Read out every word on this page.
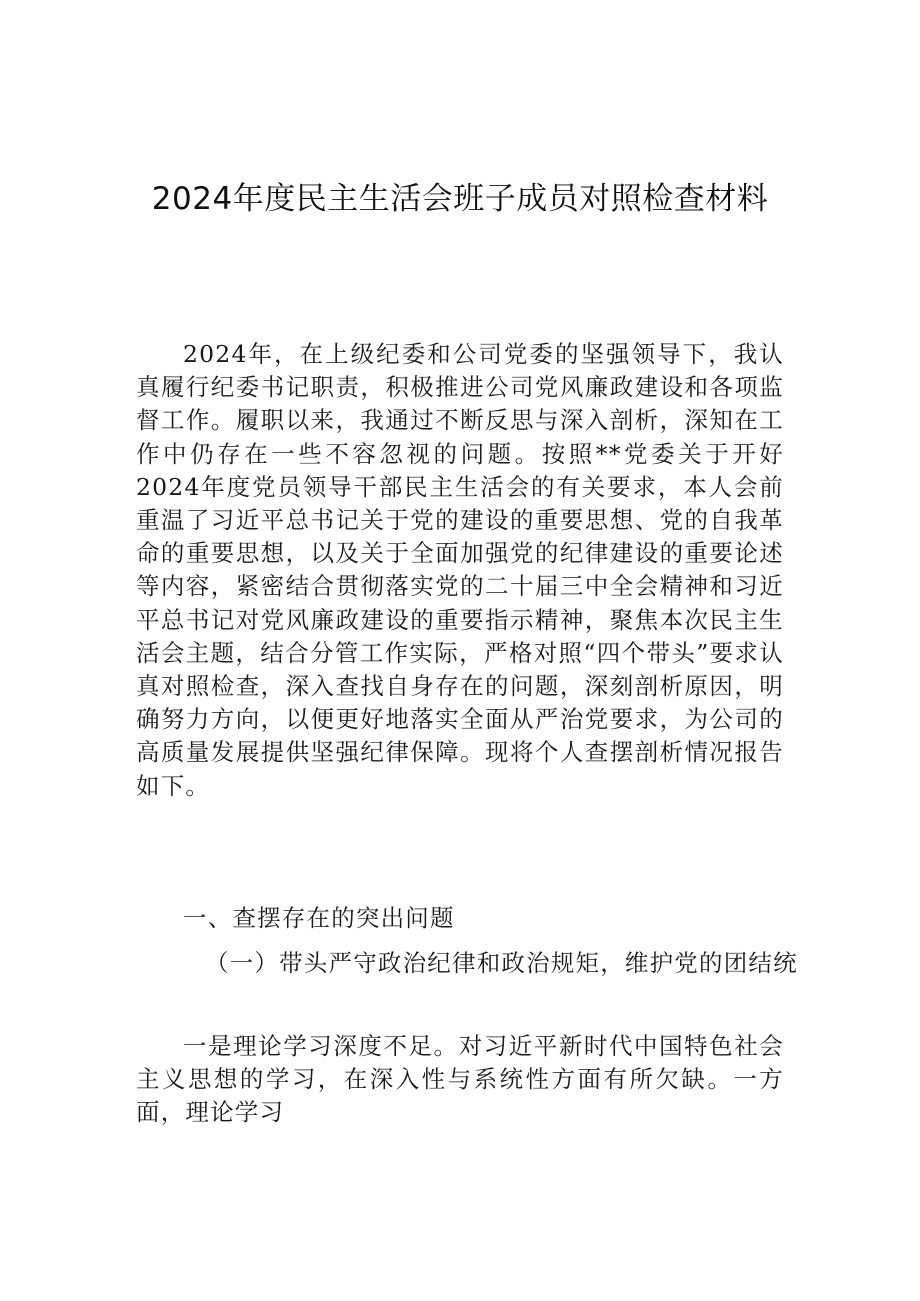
2024年度民主生活会班子成员对照检查材料

2024年，在上级纪委和公司党委的坚强领导下，我认真履行纪委书记职责，积极推进公司党风廉政建设和各项监督工作。履职以来，我通过不断反思与深入剖析，深知在工作中仍存在一些不容忽视的问题。按照**党委关于开好2024年度党员领导干部民主生活会的有关要求，本人会前重温了习近平总书记关于党的建设的重要思想、党的自我革命的重要思想，以及关于全面加强党的纪律建设的重要论述等内容，紧密结合贯彻落实党的二十届三中全会精神和习近平总书记对党风廉政建设的重要指示精神，聚焦本次民主生活会主题，结合分管工作实际，严格对照“四个带头”要求认真对照检查，深入查找自身存在的问题，深刻剖析原因，明确努力方向，以便更好地落实全面从严治党要求，为公司的高质量发展提供坚强纪律保障。现将个人查摆剖析情况报告如下。

一、查摆存在的突出问题

（一）带头严守政治纪律和政治规矩，维护党的团结统

一是理论学习深度不足。对习近平新时代中国特色社会主义思想的学习，在深入性与系统性方面有所欠缺。一方面，理论学习
